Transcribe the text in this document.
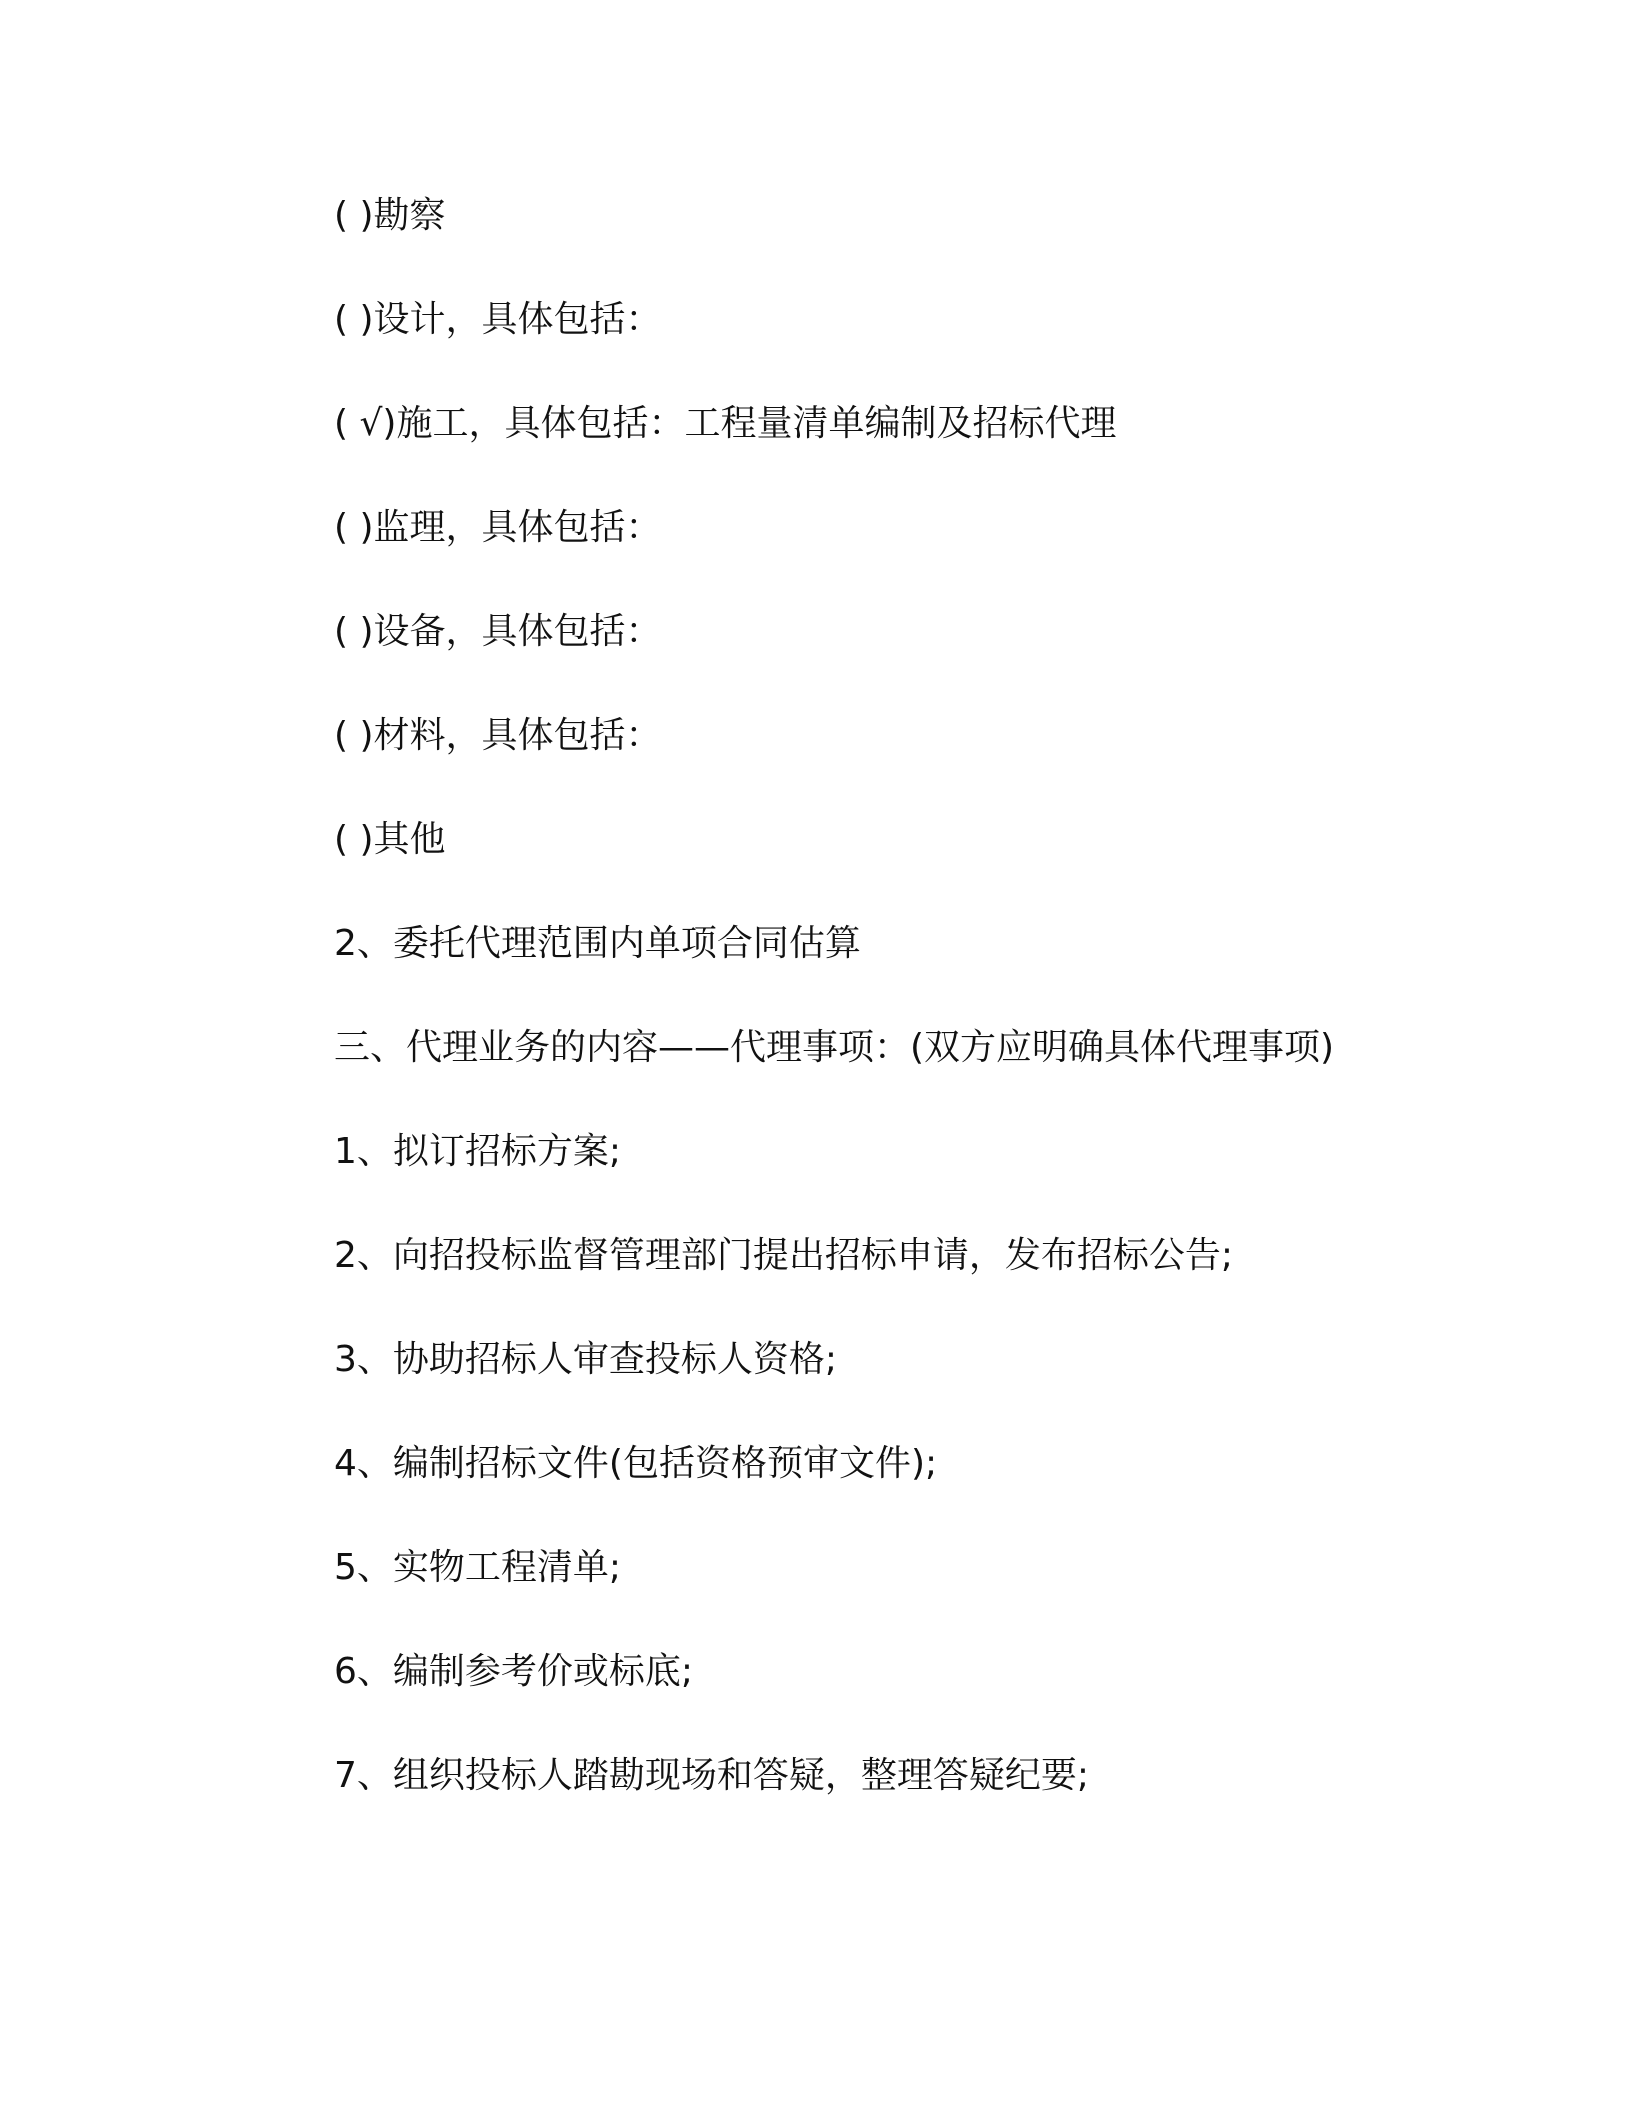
( )勘察
( )设计，具体包括：
( √)施工，具体包括：工程量清单编制及招标代理
( )监理，具体包括：
( )设备，具体包括：
( )材料，具体包括：
( )其他
2、委托代理范围内单项合同估算
三、代理业务的内容——代理事项：(双方应明确具体代理事项)
1、拟订招标方案;
2、向招投标监督管理部门提出招标申请，发布招标公告;
3、协助招标人审查投标人资格;
4、编制招标文件(包括资格预审文件);
5、实物工程清单;
6、编制参考价或标底;
7、组织投标人踏勘现场和答疑，整理答疑纪要;
